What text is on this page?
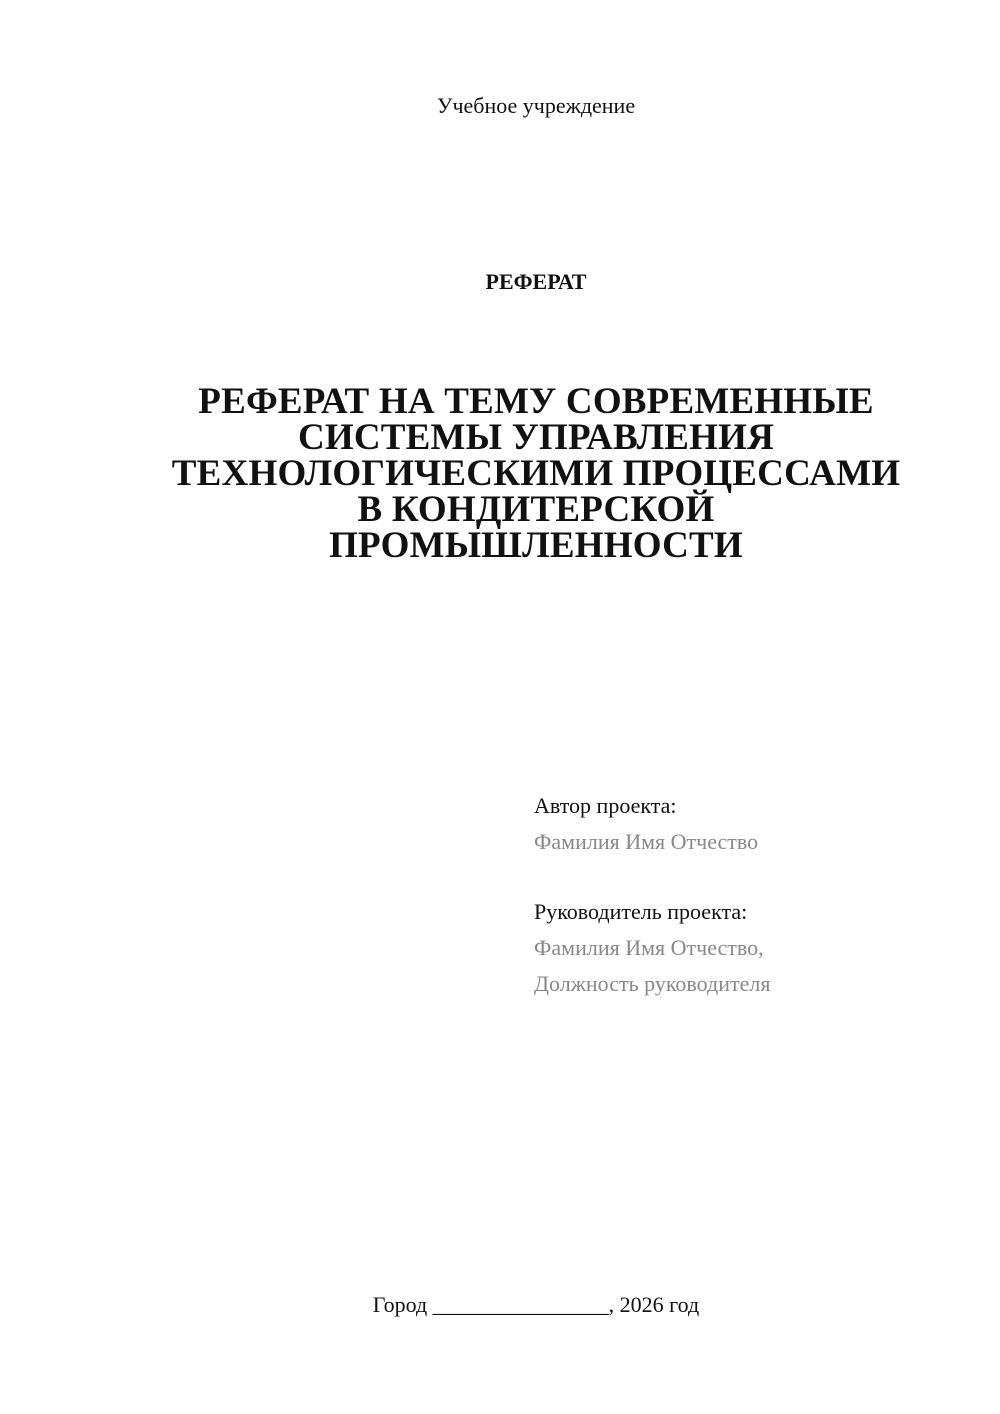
Учебное учреждение
РЕФЕРАТ
РЕФЕРАТ НА ТЕМУ СОВРЕМЕННЫЕ
СИСТЕМЫ УПРАВЛЕНИЯ
ТЕХНОЛОГИЧЕСКИМИ ПРОЦЕССАМИ
В КОНДИТЕРСКОЙ
ПРОМЫШЛЕННОСТИ
Автор проекта:
Фамилия Имя Отчество
Руководитель проекта:
Фамилия Имя Отчество,
Должность руководителя
Город ________________, 2026 год
